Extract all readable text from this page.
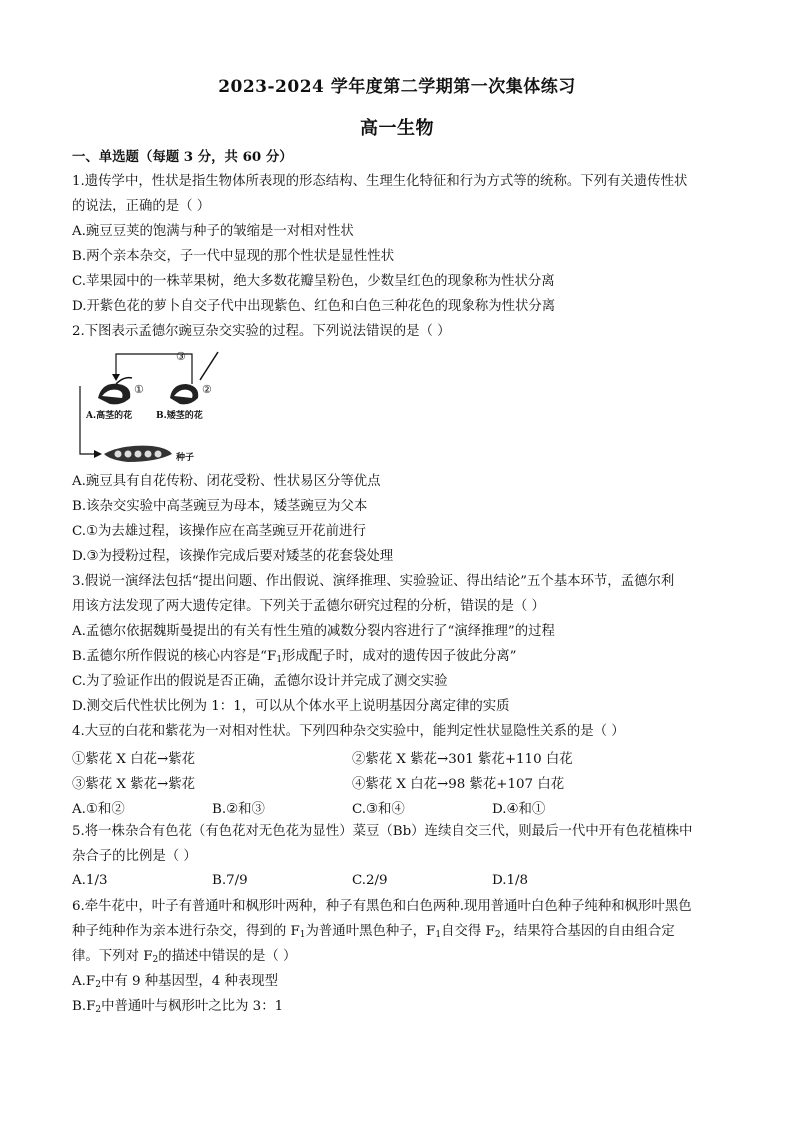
2023-2024 学年度第二学期第一次集体练习
高一生物
一、单选题（每题 3 分，共 60 分）
1.遗传学中，性状是指生物体所表现的形态结构、生理生化特征和行为方式等的统称。下列有关遗传性状
的说法，正确的是（ ）
A.豌豆豆荚的饱满与种子的皱缩是一对相对性状
B.两个亲本杂交，子一代中显现的那个性状是显性性状
C.苹果园中的一株苹果树，绝大多数花瓣呈粉色，少数呈红色的现象称为性状分离
D.开紫色花的萝卜自交子代中出现紫色、红色和白色三种花色的现象称为性状分离
2.下图表示孟德尔豌豆杂交实验的过程。下列说法错误的是（ ）
①	②
③
A.高茎的花	B.矮茎的花
种子
A.豌豆具有自花传粉、闭花受粉、性状易区分等优点
B.该杂交实验中高茎豌豆为母本，矮茎豌豆为父本
C.①为去雄过程，该操作应在高茎豌豆开花前进行
D.③为授粉过程，该操作完成后要对矮茎的花套袋处理
3.假说一演绎法包括“提出问题、作出假说、演绎推理、实验验证、得出结论”五个基本环节，孟德尔利
用该方法发现了两大遗传定律。下列关于孟德尔研究过程的分析，错误的是（ ）
A.孟德尔依据魏斯曼提出的有关有性生殖的减数分裂内容进行了“演绎推理”的过程
B.孟德尔所作假说的核心内容是“$F_1$形成配子时，成对的遗传因子彼此分离”
C.为了验证作出的假说是否正确，孟德尔设计并完成了测交实验
D.测交后代性状比例为 1：1，可以从个体水平上说明基因分离定律的实质
4.大豆的白花和紫花为一对相对性状。下列四种杂交实验中，能判定性状显隐性关系的是（ ）
①紫花 X 白花→紫花	②紫花 X 紫花→301 紫花+110 白花
③紫花 X 紫花→紫花	④紫花 X 白花→98 紫花+107 白花
A.①和②	B.②和③	C.③和④	D.④和①
5.将一株杂合有色花（有色花对无色花为显性）菜豆（Bb）连续自交三代，则最后一代中开有色花植株中
杂合子的比例是（ ）
A.1/3	B.7/9	C.2/9	D.1/8
6.牵牛花中，叶子有普通叶和枫形叶两种，种子有黑色和白色两种.现用普通叶白色种子纯种和枫形叶黑色
种子纯种作为亲本进行杂交，得到的 $F_1$为普通叶黑色种子，$F_1$自交得 $F_2$，结果符合基因的自由组合定
律。下列对 $F_2$的描述中错误的是（ ）
$A.F_2$中有 9 种基因型，4 种表现型
$B.F_2$中普通叶与枫形叶之比为 3：1
